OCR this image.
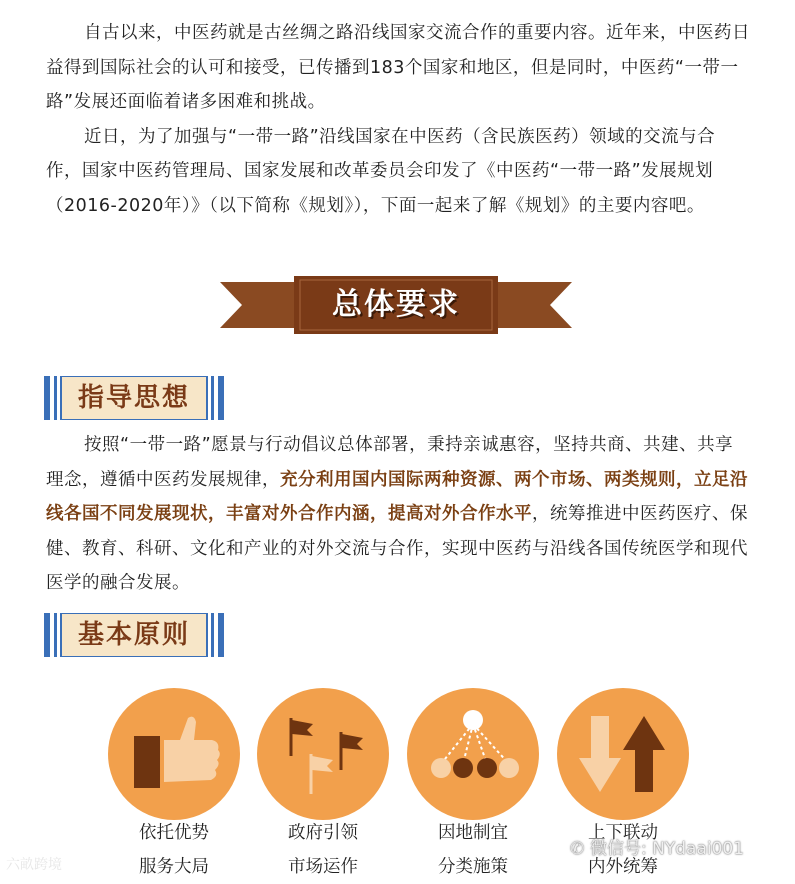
自古以来，中医药就是古丝绸之路沿线国家交流合作的重要内容。近年来，中医药日益得到国际社会的认可和接受，已传播到183个国家和地区，但是同时，中医药“一带一路”发展还面临着诸多困难和挑战。

近日，为了加强与“一带一路”沿线国家在中医药（含民族医药）领域的交流与合作，国家中医药管理局、国家发展和改革委员会印发了《中医药“一带一路”发展规划（2016-2020年）》（以下简称《规划》），下面一起来了解《规划》的主要内容吧。

总体要求
指导思想

按照“一带一路”愿景与行动倡议总体部署，秉持亲诚惠容，坚持共商、共建、共享理念，遵循中医药发展规律，充分利用国内国际两种资源、两个市场、两类规则，立足沿线各国不同发展现状，丰富对外合作内涵，提高对外合作水平，统筹推进中医药医疗、保健、教育、科研、文化和产业的对外交流与合作，实现中医药与沿线各国传统医学和现代医学的融合发展。

基本原则
依托优势
服务大局
政府引领
市场运作
因地制宜
分类施策
上下联动
内外统筹
六畝跨境
✆ 微信号: NYdaai001
